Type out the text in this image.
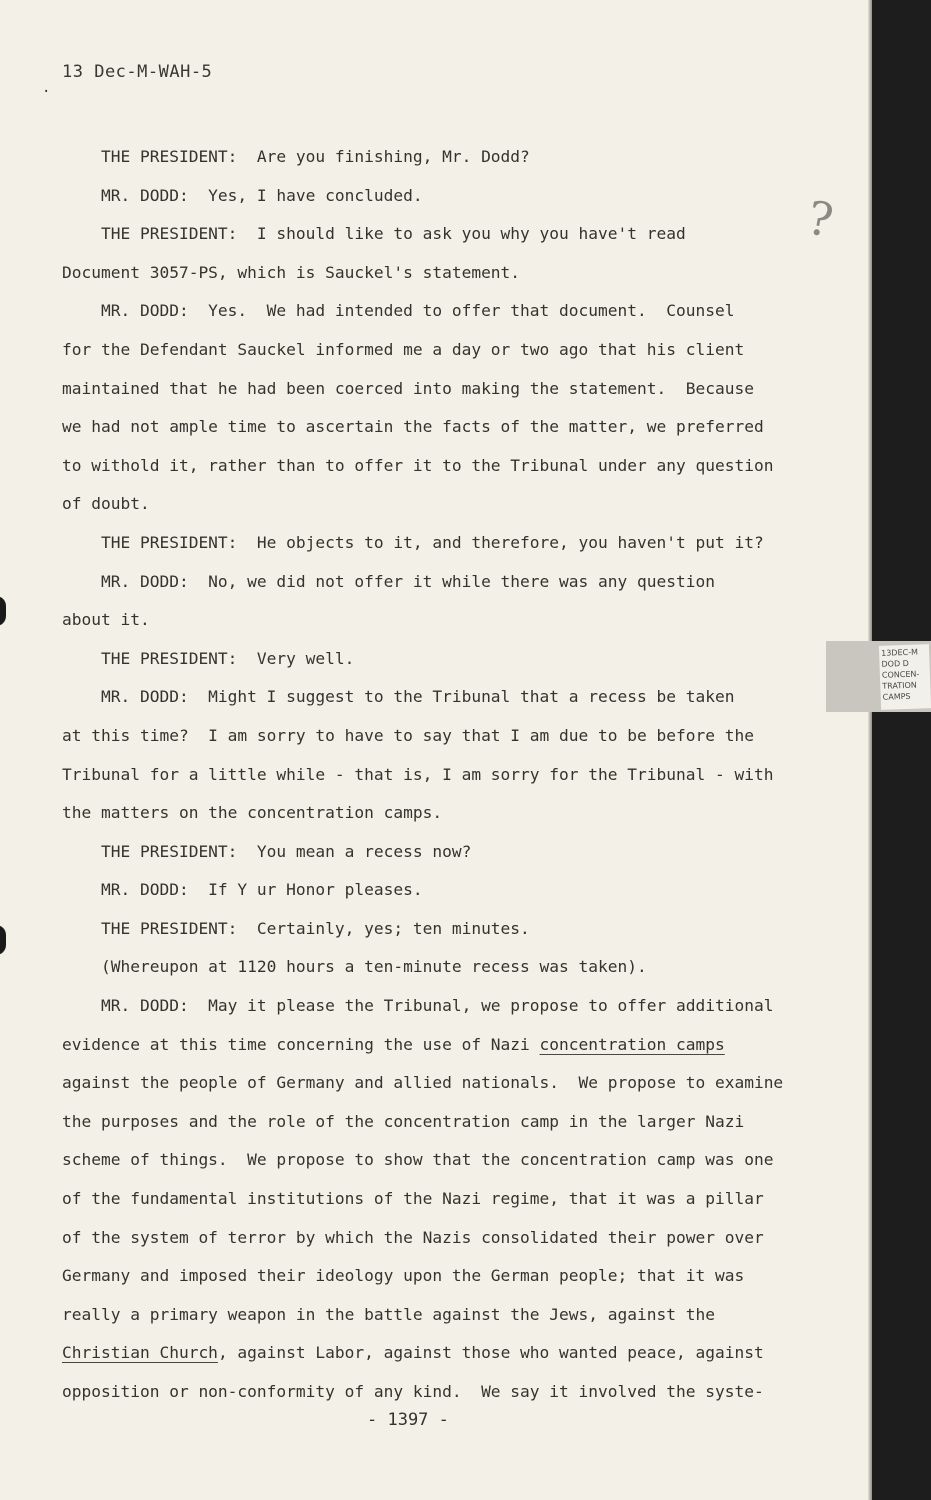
.
13 Dec-M-WAH-5
THE PRESIDENT:  Are you finishing, Mr. Dodd?
MR. DODD:  Yes, I have concluded.
THE PRESIDENT:  I should like to ask you why you have't read
Document 3057-PS, which is Sauckel's statement.
MR. DODD:  Yes.  We had intended to offer that document.  Counsel
for the Defendant Sauckel informed me a day or two ago that his client
maintained that he had been coerced into making the statement.  Because
we had not ample time to ascertain the facts of the matter, we preferred
to withold it, rather than to offer it to the Tribunal under any question
of doubt.
THE PRESIDENT:  He objects to it, and therefore, you haven't put it?
MR. DODD:  No, we did not offer it while there was any question
about it.
THE PRESIDENT:  Very well.
MR. DODD:  Might I suggest to the Tribunal that a recess be taken
at this time?  I am sorry to have to say that I am due to be before the
Tribunal for a little while - that is, I am sorry for the Tribunal - with
the matters on the concentration camps.
THE PRESIDENT:  You mean a recess now?
MR. DODD:  If Y ur Honor pleases.
THE PRESIDENT:  Certainly, yes; ten minutes.
(Whereupon at 1120 hours a ten-minute recess was taken).
MR. DODD:  May it please the Tribunal, we propose to offer additional
evidence at this time concerning the use of Nazi concentration camps
against the people of Germany and allied nationals.  We propose to examine
the purposes and the role of the concentration camp in the larger Nazi
scheme of things.  We propose to show that the concentration camp was one
of the fundamental institutions of the Nazi regime, that it was a pillar
of the system of terror by which the Nazis consolidated their power over
Germany and imposed their ideology upon the German people; that it was
really a primary weapon in the battle against the Jews, against the
Christian Church, against Labor, against those who wanted peace, against
opposition or non-conformity of any kind.  We say it involved the syste-
- 1397 -
?
13DEC-M
DOD D
CONCEN-
TRATION
CAMPS
